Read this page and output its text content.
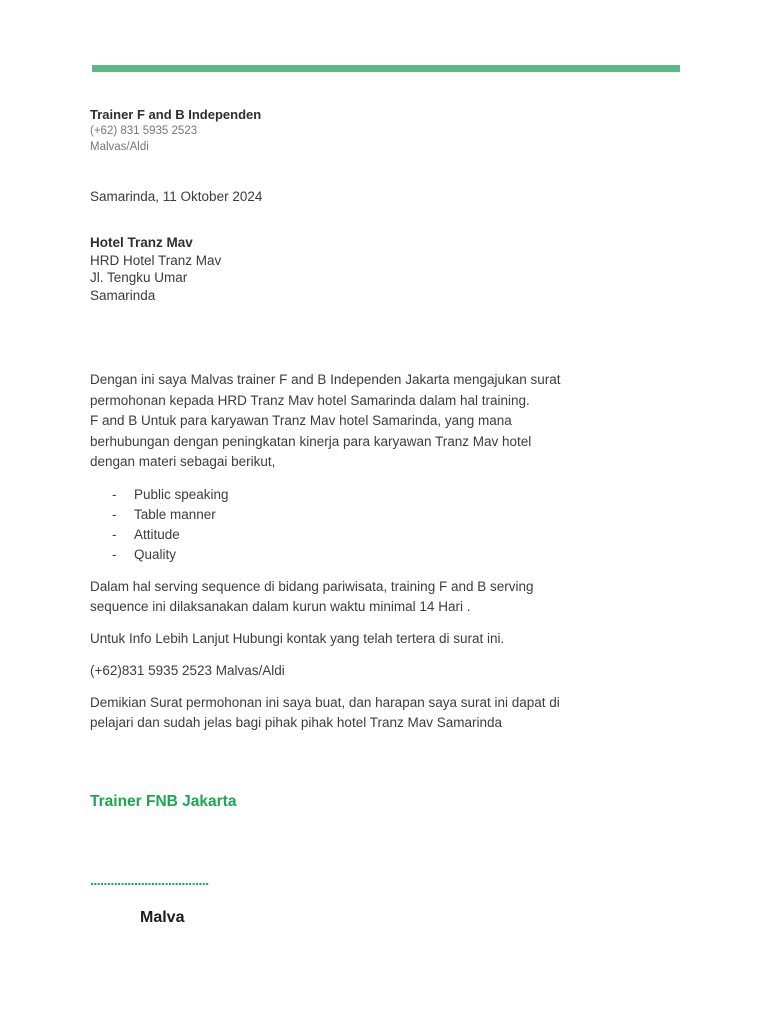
Trainer F and B Independen
(+62) 831 5935 2523
Malvas/Aldi
Samarinda, 11 Oktober 2024
Hotel Tranz Mav
HRD Hotel Tranz Mav
Jl. Tengku Umar
Samarinda
Dengan ini saya Malvas trainer F and B Independen Jakarta mengajukan surat
permohonan kepada HRD Tranz Mav hotel Samarinda dalam hal training.
F and B Untuk para karyawan Tranz Mav hotel Samarinda, yang mana
berhubungan dengan peningkatan kinerja para karyawan Tranz Mav hotel
dengan materi sebagai berikut,
-	Public speaking
-	Table manner
-	Attitude
-	Quality
Dalam hal serving sequence di bidang pariwisata, training F and B serving
sequence ini dilaksanakan dalam kurun waktu minimal 14 Hari .
Untuk Info Lebih Lanjut Hubungi kontak yang telah tertera di surat ini.
(+62)831 5935 2523 Malvas/Aldi
Demikian Surat permohonan ini saya buat, dan harapan saya surat ini dapat di
pelajari dan sudah jelas bagi pihak pihak hotel Tranz Mav Samarinda
Trainer FNB Jakarta
...................................
Malva
